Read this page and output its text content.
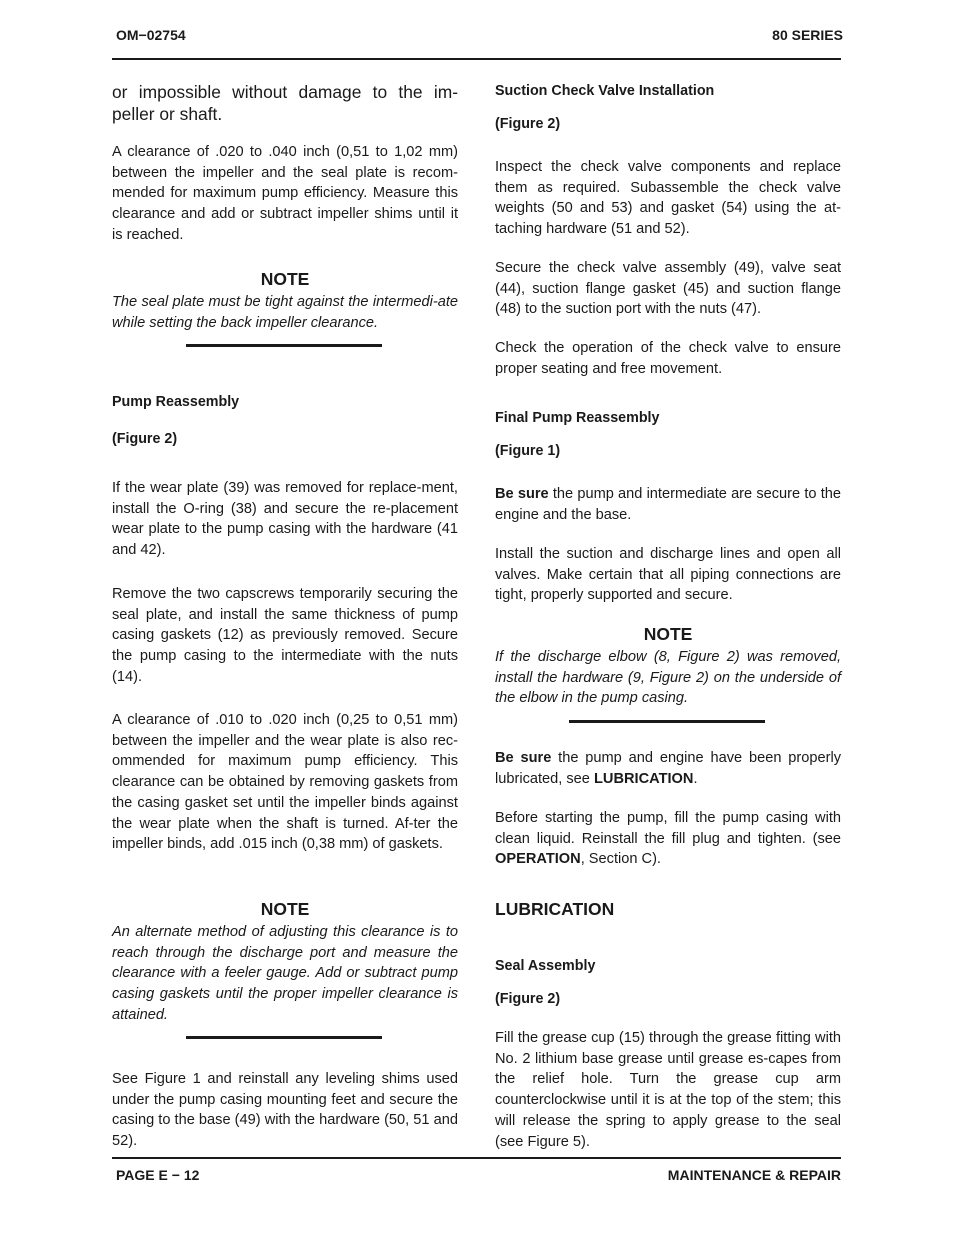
OM−02754	80 SERIES

or impossible without damage to the im-peller or shaft.

A clearance of .020 to .040 inch (0,51 to 1,02 mm) between the impeller and the seal plate is recom-mended for maximum pump efficiency. Measure this clearance and add or subtract impeller shims until it is reached.

NOTE

The seal plate must be tight against the intermedi-ate while setting the back impeller clearance.

Pump Reassembly

(Figure 2)

If the wear plate (39) was removed for replace-ment, install the O-ring (38) and secure the re-placement wear plate to the pump casing with the hardware (41 and 42).

Remove the two capscrews temporarily securing the seal plate, and install the same thickness of pump casing gaskets (12) as previously removed. Secure the pump casing to the intermediate with the nuts (14).

A clearance of .010 to .020 inch (0,25 to 0,51 mm) between the impeller and the wear plate is also rec-ommended for maximum pump efficiency. This clearance can be obtained by removing gaskets from the casing gasket set until the impeller binds against the wear plate when the shaft is turned. Af-ter the impeller binds, add .015 inch (0,38 mm) of gaskets.

NOTE

An alternate method of adjusting this clearance is to reach through the discharge port and measure the clearance with a feeler gauge. Add or subtract pump casing gaskets until the proper impeller clearance is attained.

See Figure 1 and reinstall any leveling shims used under the pump casing mounting feet and secure the casing to the base (49) with the hardware (50, 51 and 52).

Suction Check Valve Installation

(Figure 2)

Inspect the check valve components and replace them as required. Subassemble the check valve weights (50 and 53) and gasket (54) using the at-taching hardware (51 and 52).

Secure the check valve assembly (49), valve seat (44), suction flange gasket (45) and suction flange (48) to the suction port with the nuts (47).

Check the operation of the check valve to ensure proper seating and free movement.

Final Pump Reassembly

(Figure 1)

Be sure the pump and intermediate are secure to the engine and the base.

Install the suction and discharge lines and open all valves. Make certain that all piping connections are tight, properly supported and secure.

NOTE

If the discharge elbow (8, Figure 2) was removed, install the hardware (9, Figure 2) on the underside of the elbow in the pump casing.

Be sure the pump and engine have been properly lubricated, see LUBRICATION.

Before starting the pump, fill the pump casing with clean liquid. Reinstall the fill plug and tighten. (see OPERATION, Section C).

LUBRICATION

Seal Assembly

(Figure 2)

Fill the grease cup (15) through the grease fitting with No. 2 lithium base grease until grease es-capes from the relief hole. Turn the grease cup arm counterclockwise until it is at the top of the stem; this will release the spring to apply grease to the seal (see Figure 5).

PAGE E − 12	MAINTENANCE & REPAIR
